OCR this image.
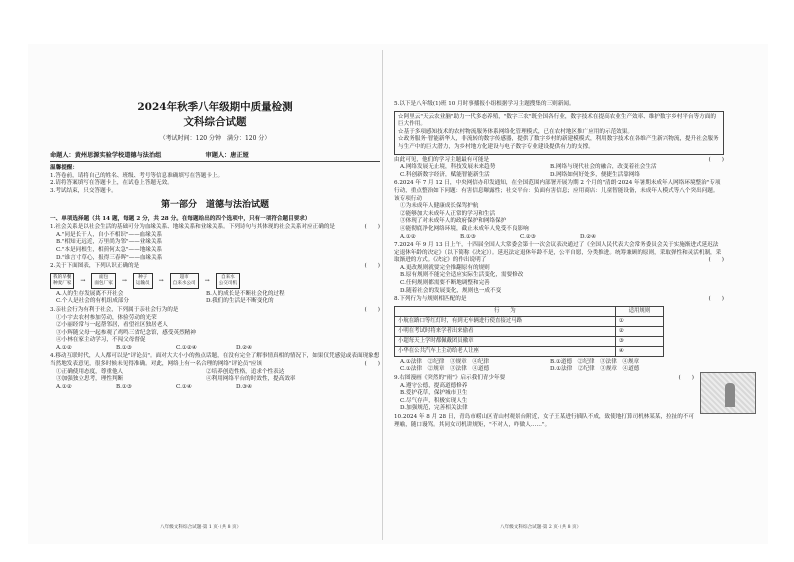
2024年秋季八年级期中质量检测
文科综合试题
（考试时间：120 分钟　满分：120 分）
命题人：黄州思源实验学校道德与法治组	审题人：唐正娅
温馨提醒：
1.答卷前，请将自己的姓名、班级、考号等信息准确填写在答题卡上。
2.请将答案填写在答题卡上，在试卷上答题无效。
3.考试结束，只交答题卡。
第一部分　道德与法治试题
一、单项选择题（共 14 题，每题 2 分，共 28 分。在每题给出的四个选项中，只有一项符合题目要求）
1.社会关系是以社会生活的基础可分为血缘关系、地缘关系和业缘关系。下列诗句与其体现的社会关系对应正确的是	(　　)
A."同是长干人，自小不相识"——血缘关系
B."相知无远近，万里尚为邻"——业缘关系
C."本是同根生，相煎何太急"——地缘关系
D."谁言寸草心，报得三春晖"——血缘关系
2.关于下面图表，下列认识正确的是	(　　)
我的早餐
种麦厂家 →	面包
面包厂家 →	种子
运输员 →	超市
自来水公司 →	自来水
公交司机
A.人的生存发展离不开社会	B.人的成长是不断社会化的过程
C.个人是社会的有机组成部分	D.我们的生活是不断变化的
3.亲社会行为有利于社会，下列属于亲社会行为的是	(　　)
①小宇去农村参加劳动，体验劳动的光荣
②小丽经常与一起帮邻居，看望社区独居老人
③小辉随父母一起参观了鸡鸣三省纪念馆，感受英烈精神
④小林在家主动学习，不闯父母督促
A.①②	B.①③	C.①②④	D.②④
4.移动互联时代，人人都可以是"评论员"。面对大大小小的热点话题，在没有完全了解事情真相的情况下，如果仅凭感觉或表面现象想当然地发表意见，很多时候未见得准确。对此，网络上有一名合理的网络"评论员"应该	(　　)
①正确使用态度，尊重他人	②培养创造性格，追求个性表达
③加强独立思考，理性判断	④利用网络平台的时效性，提高效率
A.①②	B.①③	C.①④	D.③④
八年级文科综合试题·第 1 页·（共 8 页）
5.以下是八年级(1)班 10 月时事播报小组根据学习主题搜集的三则新闻。
☆阿里云"天云农业脑"助力一代多态养殖，"数字三农"既全国各行业，数字技术在提高农业生产效率、维护数字乡村平台等方面的巨大作用。
☆基于多项感知技术的农村物流服务体系网络化管理模式，已在农村地区推广应用的示范效果。
☆政务服务·智能新华人，非流转的数字传感器，提供了数字乡村的新建模模式，利用数字技术在各维产生新兴物流，提升社会服务与生产中的巨大潜力，为乡村地方化建设与电子数字专业建设提供有力的支撑。
由此可见，他们的学习主题最有可能是	(　　)
A.网络发展无止境，科技发展未来趋势	B.网络与现代社会的融合，改变着社会生活
C.科创新数字经济，赋能智能新生活	D.网络如何好处多，便捷生活靠网络
6.2024 年 7 月 12 日，中央网信办印发通知，在全国范围内部署开展为期 2 个月的"清朗·2024 年暑期未成年人网络环境整治"专项行动，重点整治如下问题：有害信息曝露性；社交平台：负面有害信息；应用商店：儿童智能设备，未成年人模式等八个突出问题。该专项行动
①为未成年人健康成长保驾护航
②能够加大未成年人正常的学习和生活
③体现了对未成年人的政府保护和网络保护
④能彻底净化网络环境，截止未成年人免受不良影响
A.①②	B.①③	C.②③	D.②④
7.2024 年 9 月 13 日上午，十四届全国人大常委会第十一次会议表决通过了《全国人民代表大会常务委员会关于实施渐进式延迟法定退休年龄的决定》（以下简称《决定》）。延迟法定退休年龄不是，公平自愿，分类推进。统筹兼顾的原则，采取弹性和灵活机制，采取渐进的方式。《决定》的作出说明了	(　　)
A.更改规则就要完全推翻原有的规则
B.原有规则不能完全适应实际生活变化，需要修改
C.任何规则都需要不断地调整和完善
D.随着社会的发展变化，规则也一成不变
8.下列行为与规则相匹配的是	(　　)
行　　为	适用规则
小航在路口等红灯时，有到无车辆进行使直接过马路	①
小明在考试时将来学者出来偷看	②
小超每天上学时都佩戴团员徽章	③
小华在公共汽车上主动给老人让座	④
A.①法律　②纪律　③规章　④纪律	B.①道德　②纪律　③法律　④规章
C.①法律　②规章　③法律　④道德	D.①法律　②纪律　③规章　④道德
9.右图漫画《突然的"雨"》启示我们青少年要	(　　)
A.遵守公德，提高道德修养
B.爱护花草，保护城市卫生
C.尽气存声，积极实现人生
D.加强规范，完善相关法律
10.2024 年 8 月 28 日，青岛市崂山区青山村观景台附近，女子王某进行插队不成，致使地打算司机林某某，拉扯的不可理喻，随口谩骂。其同女司机讲规矩，"不对人，咋做人……"。
八年级文科综合试题·第 2 页·（共 8 页）
